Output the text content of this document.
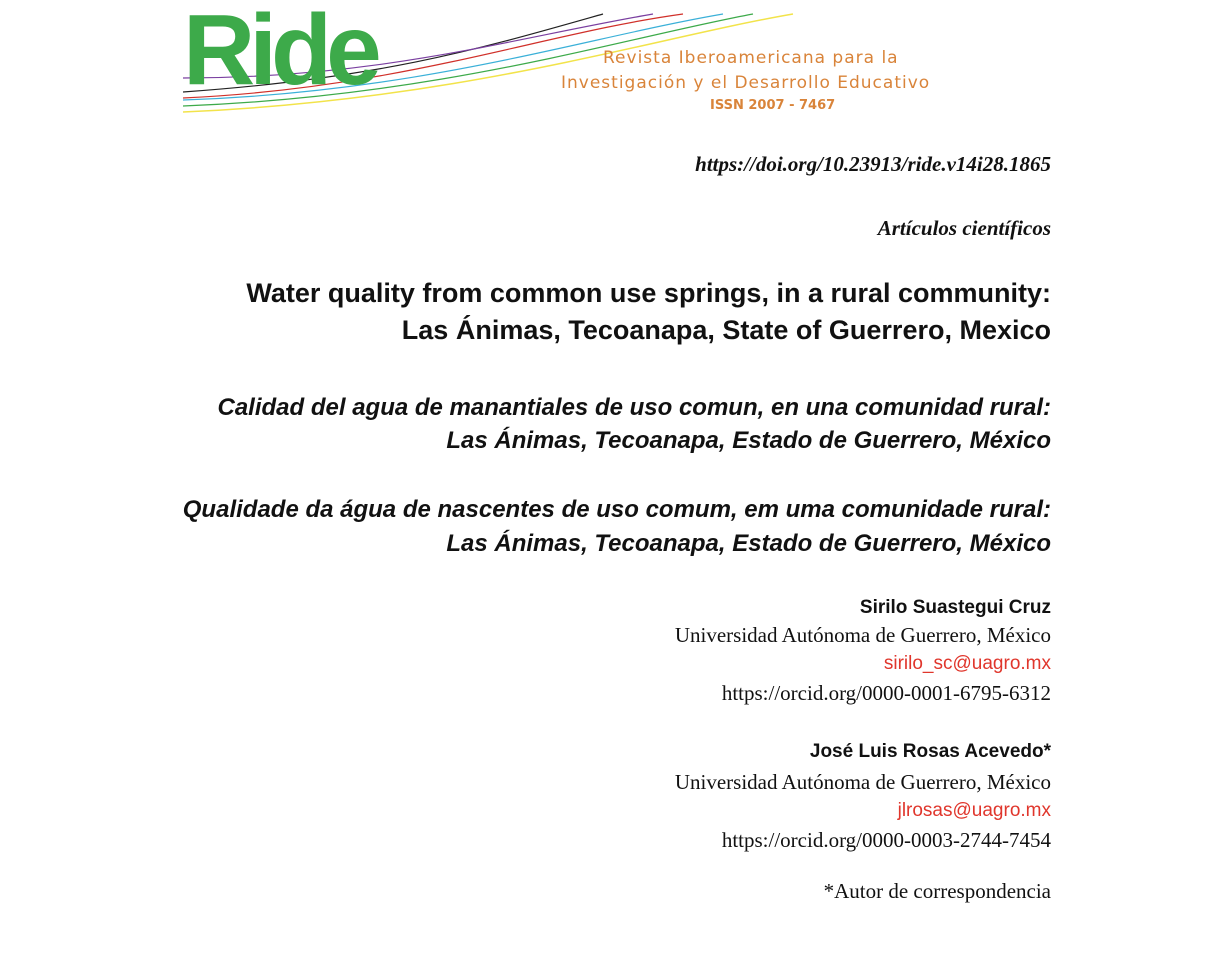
Ride	Revista Iberoamericana para la
Investigación y el Desarrollo Educativo
ISSN 2007 - 7467
https://doi.org/10.23913/ride.v14i28.1865
Artículos científicos
Water quality from common use springs, in a rural community:
Las Ánimas, Tecoanapa, State of Guerrero, Mexico
Calidad del agua de manantiales de uso comun, en una comunidad rural:
Las Ánimas, Tecoanapa, Estado de Guerrero, México
Qualidade da água de nascentes de uso comum, em uma comunidade rural:
Las Ánimas, Tecoanapa, Estado de Guerrero, México
Sirilo Suastegui Cruz
Universidad Autónoma de Guerrero, México
sirilo_sc@uagro.mx
https://orcid.org/0000-0001-6795-6312
José Luis Rosas Acevedo*
Universidad Autónoma de Guerrero, México
jlrosas@uagro.mx
https://orcid.org/0000-0003-2744-7454
*Autor de correspondencia
